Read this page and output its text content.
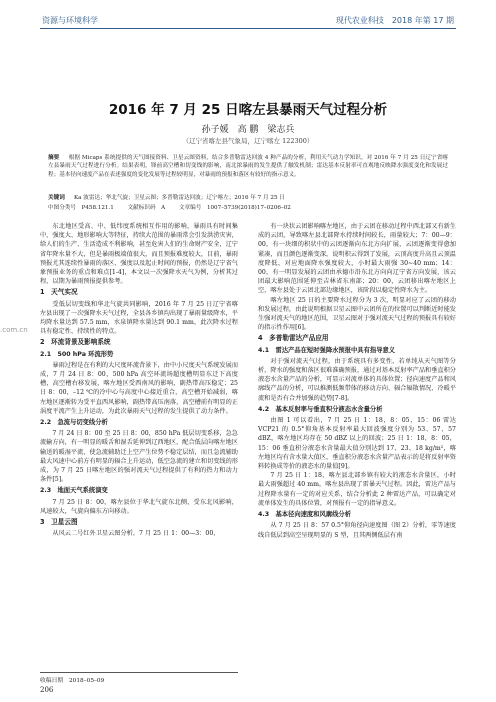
资源与环境科学	现代农业科技　2018 年第 17 期
2016 年 7 月 25 日喀左县暴雨天气过程分析
孙子媛　高 鹏　梁志兵
（辽宁省喀左县气象局，辽宁喀左 122300）
摘要 　 根据 Micaps 系统提供的天气图接资料、卫星云图资料，结合多普勒雷达回波 4 种产品的分析，利用天气动力学知识，对 2016 年 7 月 25 日辽宁省喀左县暴雨天气过程进行分析。结果表明，锋前高空槽和切变线的影响，南北浓暴雨的发生提供了触发机制；雷达基本反射率可直观地反映降水强度变化和发展过程；基本径向速度产品在表述强度的变化发展等过程较明显，对暴雨的预报和落区有较好的指示意义。
关键词 　 Ka 波雷达；华北气旋；卫星云图；多普勒雷达回波；辽宁喀左；2016 年 7 月 25 日
中图分类号　P458.121.1 文献标识码　A 文章编号　1007–5739(2018)17–0206–02

东北地区受高、中、低纬度系统相互作用的影响，暴雨具有时间集中、强度大、地形影响大等特征，持续大范围的暴雨常会引发洪涝灾害，给人们的生产、生活造成不利影响，甚至危害人们的生命财产安全，辽宁省年降水量不大，但是暴雨极端值很大，而且预报难度较大，目前，暴雨预报尤其连续性暴雨的落区、强度以及起止时间的预报，仍然是辽宁省气象预报业务的重点和难点[1-4]，本文以一次强降水天气为例，分析其过程，以期为暴雨预报提供参考。

1　天气实况

受低层切变线和华北气旋共同影响，2016 年 7 月 25 日辽宁省喀左县出现了一次强降水天气过程，全县各乡镇均出现了暴雨量级降水，平均降水量达到 57.5 mm，水泉镇降水量达到 90.1 mm，此次降水过程具有稳定性、持续性的特点。

2　环流背景及影响系统
2.1　500 hPa 环流形势

暴雨过程是在有利的大尺度环流背景下，由中小尺度天气系统发展而成，7 月 24 日 8：00，500 hPa 高空环流场超度槽明显东迁下高度槽，高空槽右移发展，喀左地区受西南风的影响，副热带高压稳定；25 日 8：00，–12 ℃的冷中心与高度中心接近重合，高空槽开始减弱，喀左地区逐渐转为受平直西风影响，副热带高压南落，高空槽前有明显的正涡度平流产生上升运动，为此次暴雨天气过程的发生提供了动力条件。

2.2　急流与切变线分析

7 月 24 日 8：00 至 25 日 8：00，850 hPa 低层切变系移，急急流输方向，有一明显的暖舌和湿舌延伸到辽西地区，配合低层向喀左地区输送的暖湿平流，使急流辅助迁上空产生位势不稳定层结，而且急流辅助最大风速中心前方有明显的辐合上升运动，低空急流的建立和切变线的形成，为 7 月 25 日喀左地区的强对流天气过程提供了有利的热力和动力条件[5]。

2.3　地面天气系统演变

7 月 25 日 8：00，喀左县位于华北气旋东北侧，受东北风影响，风速较大，气旋向偏东方向移动。

3　卫星云图

从风云二号红外卫星云图分析，7 月 25 日 1：00—3：00，

有一块状云团影响喀左地区，由于云团在移动过程中西北部又有新生成的云团，导致喀左县北部降水持续时间较长，雨量较大；7：00—9：00，有一块细的积状中的云团逐渐向东北方向扩展，云团逐渐变得愈加紧凑，而且颜色逐渐变深，说明积云得到了发展，云顶高度升高且云顶温度降低，对应地面降水强度较大，小时最大雨强 30~40 mm；14：00，有一明显发展的云团由承德市沿东北方向向辽宁省方向发展，该云团最大影响范围延伸至吉林省东南部；20：00，云团移出喀左地区上空，喀左县处于云团北部边缘地区，该阶段以稳定性降水为主。

喀左地区 25 日的主要降水过程分为 3 次，明显对应了云团的移动和发展过程，由此说明根据卫星云图中云团所在的位置可以判断近时能发生强对流天气的地区范围，卫星云图对于强对流天气过程的预报具有较好的指示性作用[6]。

4　多普勒雷达产品应用
4.1　雷达产品在短时强降水预报中具有指导意义

对于强对流天气过程，由于系统具有多变性，若单纯从天气图等分析，降水的强度和落区很难准确预报，通过对基本反射率产品和垂直积分液态水含量产品的分析，可显示对流单体的具体位置；径向速度产品和风廓线产品的分析，可以推测低频带体的移动方向、辐合辐散情况、冷暖平流和是否有合并加强的趋势[7-8]。

4.2　基本反射率与垂直积分液态水含量分析

由图 1 可以看出，7 月 25 日 1：18，8：05，15：06 雷达 VCP21 的 0.5°仰角基本反射率最大回波强度分别为 53、57、57 dBZ，喀左地区均存在 50 dBZ 以上的回波；25 日 1：18，8：05，15：06 垂直积分液态水含量最大值分别达到 17、23、18 kg/m²，喀左地区均有含水量大值区，垂直积分液态水含量产品表示的是将反射率资料转换成等价的液态水的量值[9]。

7 月 25 日 1：18，喀左县北部乡镇有较大的液态水含量区，小时最大雨强超过 40 mm，喀左县出现了雷暴天气过程。因此，雷达产品与过程降水量有一定的对应关系，结合分析此 2 种雷达产品，可以确定对流单体发生的具体位置，对预报有一定的指导意义。

4.3　基本径向速度和风廓线分析

从 7 月 25 日 8：57 0.5°仰角径向速度图（图 2）分析，零等速度线自低层到高空呈现明显的 S 型，且其两侧低层有南

收稿日期　2018–05–09
206
.com.cn
